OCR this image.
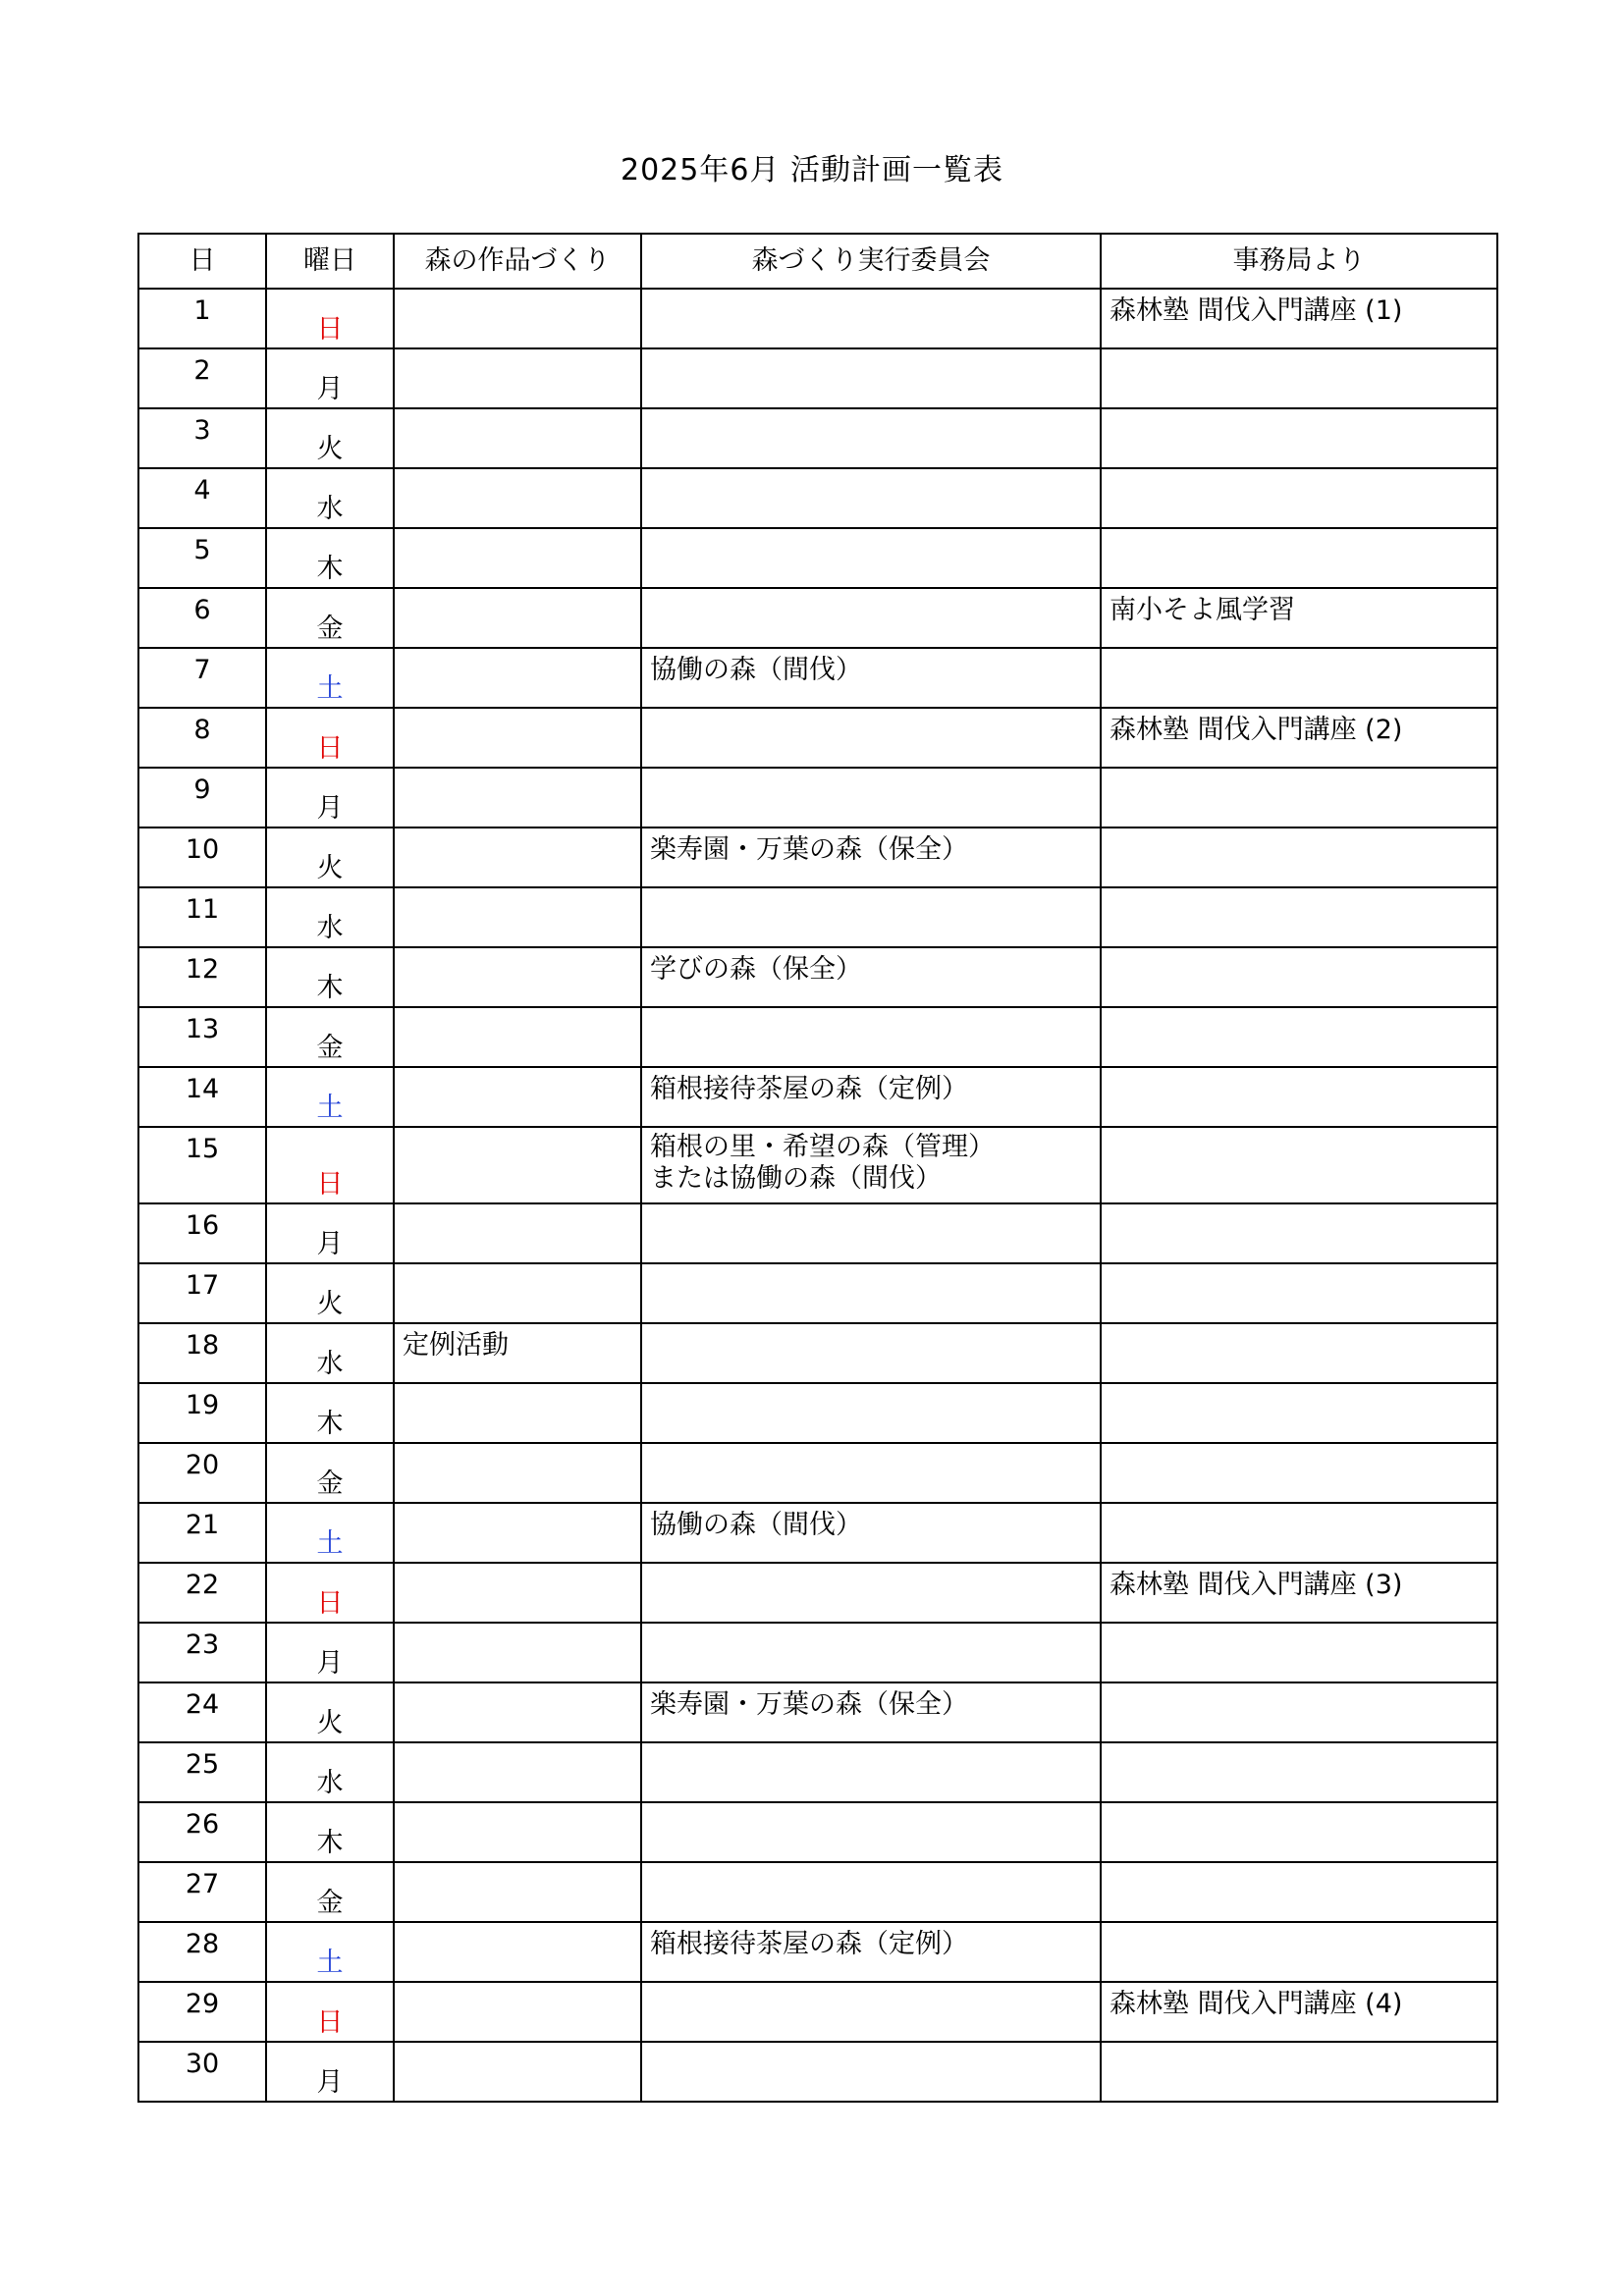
2025年6月 活動計画一覧表
日	曜日	森の作品づくり	森づくり実行委員会	事務局より
1	日			森林塾 間伐入門講座 (1)
2	月			
3	火			
4	水			
5	木			
6	金			南小そよ風学習
7	土		協働の森（間伐）	
8	日			森林塾 間伐入門講座 (2)
9	月			
10	火		楽寿園・万葉の森（保全）	
11	水			
12	木		学びの森（保全）	
13	金			
14	土		箱根接待茶屋の森（定例）	
15	日		箱根の里・希望の森（管理）
または協働の森（間伐）	
16	月			
17	火			
18	水	定例活動		
19	木			
20	金			
21	土		協働の森（間伐）	
22	日			森林塾 間伐入門講座 (3)
23	月			
24	火		楽寿園・万葉の森（保全）	
25	水			
26	木			
27	金			
28	土		箱根接待茶屋の森（定例）	
29	日			森林塾 間伐入門講座 (4)
30	月			
